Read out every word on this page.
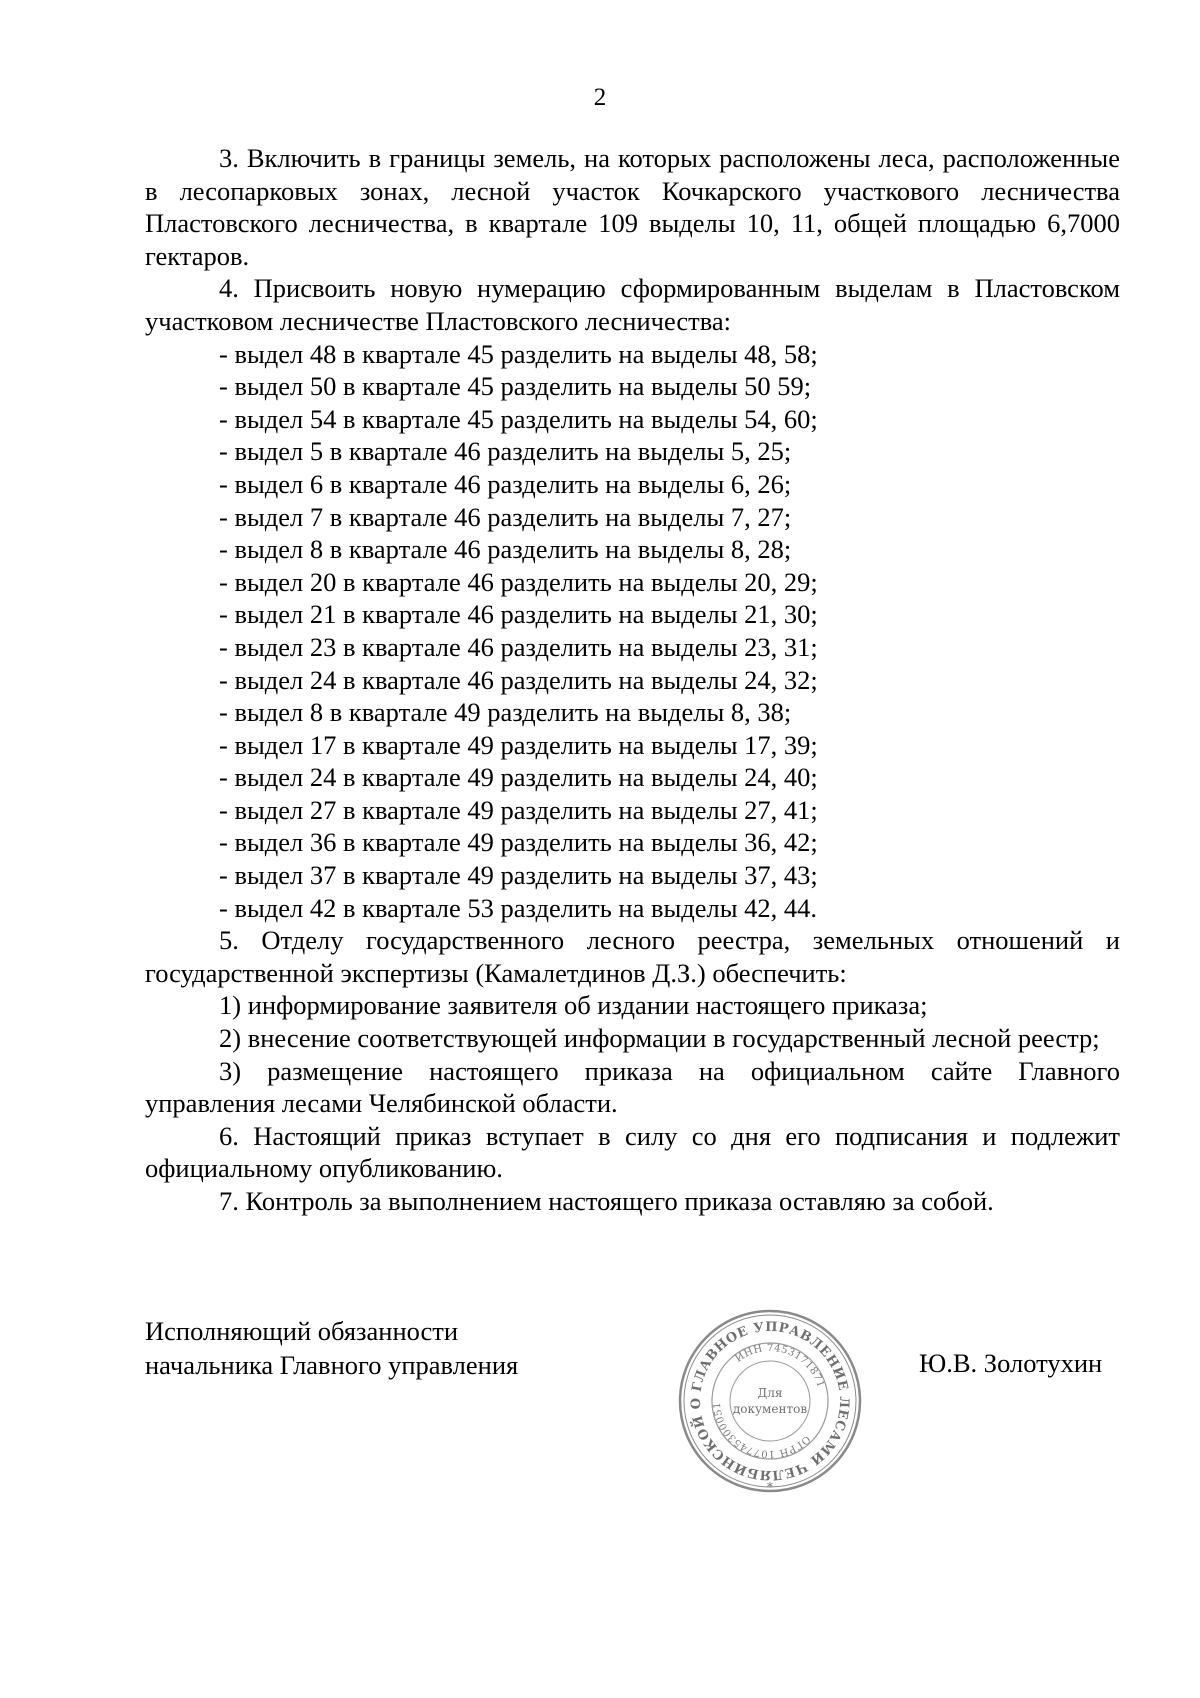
2

3. Включить в границы земель, на которых расположены леса, расположенные в лесопарковых зонах, лесной участок Кочкарского участкового лесничества Пластовского лесничества, в квартале 109 выделы 10, 11, общей площадью 6,7000 гектаров.

4. Присвоить новую нумерацию сформированным выделам в Пластовском участковом лесничестве Пластовского лесничества:

- выдел 48 в квартале 45 разделить на выделы 48, 58;
- выдел 50 в квартале 45 разделить на выделы 50 59;
- выдел 54 в квартале 45 разделить на выделы 54, 60;
- выдел 5 в квартале 46 разделить на выделы 5, 25;
- выдел 6 в квартале 46 разделить на выделы 6, 26;
- выдел 7 в квартале 46 разделить на выделы 7, 27;
- выдел 8 в квартале 46 разделить на выделы 8, 28;
- выдел 20 в квартале 46 разделить на выделы 20, 29;
- выдел 21 в квартале 46 разделить на выделы 21, 30;
- выдел 23 в квартале 46 разделить на выделы 23, 31;
- выдел 24 в квартале 46 разделить на выделы 24, 32;
- выдел 8 в квартале 49 разделить на выделы 8, 38;
- выдел 17 в квартале 49 разделить на выделы 17, 39;
- выдел 24 в квартале 49 разделить на выделы 24, 40;
- выдел 27 в квартале 49 разделить на выделы 27, 41;
- выдел 36 в квартале 49 разделить на выделы 36, 42;
- выдел 37 в квартале 49 разделить на выделы 37, 43;
- выдел 42 в квартале 53 разделить на выделы 42, 44.

5. Отделу государственного лесного реестра, земельных отношений и государственной экспертизы (Камалетдинов Д.З.) обеспечить:

1) информирование заявителя об издании настоящего приказа;

2) внесение соответствующей информации в государственный лесной реестр;

3) размещение настоящего приказа на официальном сайте Главного управления лесами Челябинской области.

6. Настоящий приказ вступает в силу со дня его подписания и подлежит официальному опубликованию.

7. Контроль за выполнением настоящего приказа оставляю за собой.

Исполняющий обязанности
начальника Главного управления
ГЛАВНОЕ УПРАВЛЕНИЕ ЛЕСАМИ ЧЕЛЯБИНСКОЙ О
ИНН 7453171871
ОГРН 107745300051
Для
документов
*
Ю.В. Золотухин
